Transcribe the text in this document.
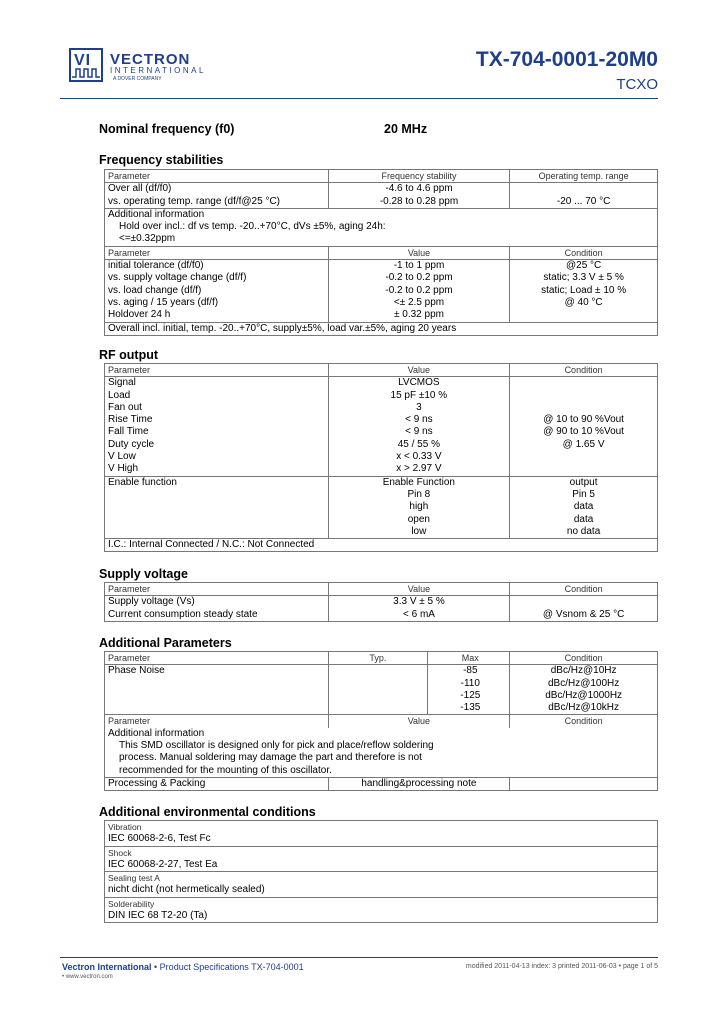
VI VECTRON
INTERNATIONAL
A DOVER COMPANY
TX-704-0001-20M0
TCXO
Nominal frequency (f0)	20 MHz
Frequency stabilities
Parameter	Frequency stability	Operating temp. range
Over all (df/f0)	-4.6 to 4.6 ppm	
vs. operating temp. range (df/f@25 °C)	-0.28 to 0.28 ppm	-20 ... 70 °C
Additional information		
Hold over incl.: df vs temp. -20..+70°C, dVs ±5%, aging 24h:		
<=±0.32ppm		
Parameter	Value	Condition
initial tolerance (df/f0)	-1 to 1 ppm	@25 °C
vs. supply voltage change (df/f)	-0.2 to 0.2 ppm	static; 3.3 V ± 5 %
vs. load change (df/f)	-0.2 to 0.2 ppm	static; Load ± 10 %
vs. aging / 15 years (df/f)	<± 2.5 ppm	@ 40 °C
Holdover 24 h	± 0.32 ppm	
Overall incl. initial, temp. -20..+70°C, supply±5%, load var.±5%, aging 20 years		
RF output
Parameter	Value	Condition
Signal	LVCMOS	
Load	15 pF ±10 %	
Fan out	3	
Rise Time	< 9 ns	@ 10 to 90 %Vout
Fall Time	< 9 ns	@ 90 to 10 %Vout
Duty cycle	45 / 55 %	@ 1.65 V
V Low	x < 0.33 V	
V High	x > 2.97 V	
Enable function	Enable Function	output
	Pin 8	Pin 5
	high	data
	open	data
	low	no data
I.C.: Internal Connected / N.C.: Not Connected		
Supply voltage
Parameter	Value	Condition
Supply voltage (Vs)	3.3 V ± 5 %	
Current consumption steady state	< 6 mA	@ Vsnom & 25 °C
Additional Parameters
Parameter	Typ.	Max	Condition
Phase Noise		-85	dBc/Hz@10Hz
		-110	dBc/Hz@100Hz
		-125	dBc/Hz@1000Hz
		-135	dBc/Hz@10kHz
Parameter	Value		Condition
Additional information			
This SMD oscillator is designed only for pick and place/reflow soldering			
process. Manual soldering may damage the part and therefore is not			
recommended for the mounting of this oscillator.			
Processing & Packing	handling&processing note		
Additional environmental conditions
Vibration
IEC 60068-2-6, Test Fc
Shock
IEC 60068-2-27, Test Ea
Sealing test A
nicht dicht (not hermetically sealed)
Solderability
DIN IEC 68 T2-20 (Ta)
Vectron International • Product Specifications TX-704-0001
• www.vectron.com
modified 2011-04-13 index: 3 printed 2011-06-03 • page 1 of 5
